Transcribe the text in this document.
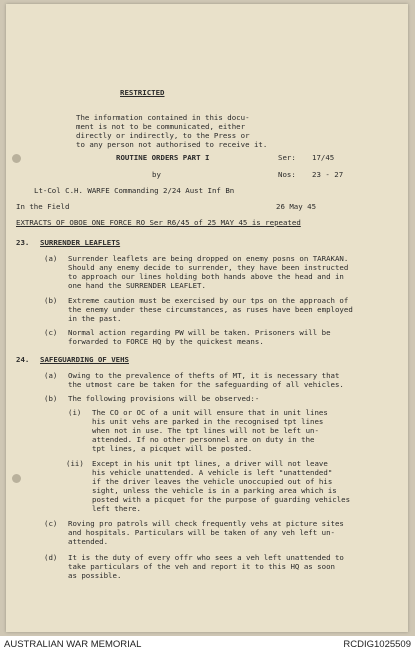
RESTRICTED
The information contained in this docu-
ment is not to be communicated, either
directly or indirectly, to the Press or
to any person not authorised to receive it.
ROUTINE ORDERS PART I
by
Ser: 17/45
Nos: 23 - 27
Lt-Col C.H. WARFE Commanding 2/24 Aust Inf Bn
In the Field	26 May 45
EXTRACTS OF OBOE ONE FORCE RO Ser R6/45 of 25 MAY 45 is repeated
23. SURRENDER LEAFLETS
(a) Surrender leaflets are being dropped on enemy posns on TARAKAN.
Should any enemy decide to surrender, they have been instructed
to approach our lines holding both hands above the head and in
one hand the SURRENDER LEAFLET.
(b) Extreme caution must be exercised by our tps on the approach of
the enemy under these circumstances, as ruses have been employed
in the past.
(c) Normal action regarding PW will be taken. Prisoners will be
forwarded to FORCE HQ by the quickest means.
24. SAFEGUARDING OF VEHS
(a) Owing to the prevalence of thefts of MT, it is necessary that
the utmost care be taken for the safeguarding of all vehicles.
(b) The following provisions will be observed:-
(i) The CO or OC of a unit will ensure that in unit lines
his unit vehs are parked in the recognised tpt lines
when not in use. The tpt lines will not be left un-
attended. If no other personnel are on duty in the
tpt lines, a picquet will be posted.
(ii) Except in his unit tpt lines, a driver will not leave
his vehicle unattended. A vehicle is left "unattended"
if the driver leaves the vehicle unoccupied out of his
sight, unless the vehicle is in a parking area which is
posted with a picquet for the purpose of guarding vehicles
left there.
(c) Roving pro patrols will check frequently vehs at picture sites
and hospitals. Particulars will be taken of any veh left un-
attended.
(d) It is the duty of every offr who sees a veh left unattended to
take particulars of the veh and report it to this HQ as soon
as possible.
AUSTRALIAN WAR MEMORIAL	RCDIG1025509
